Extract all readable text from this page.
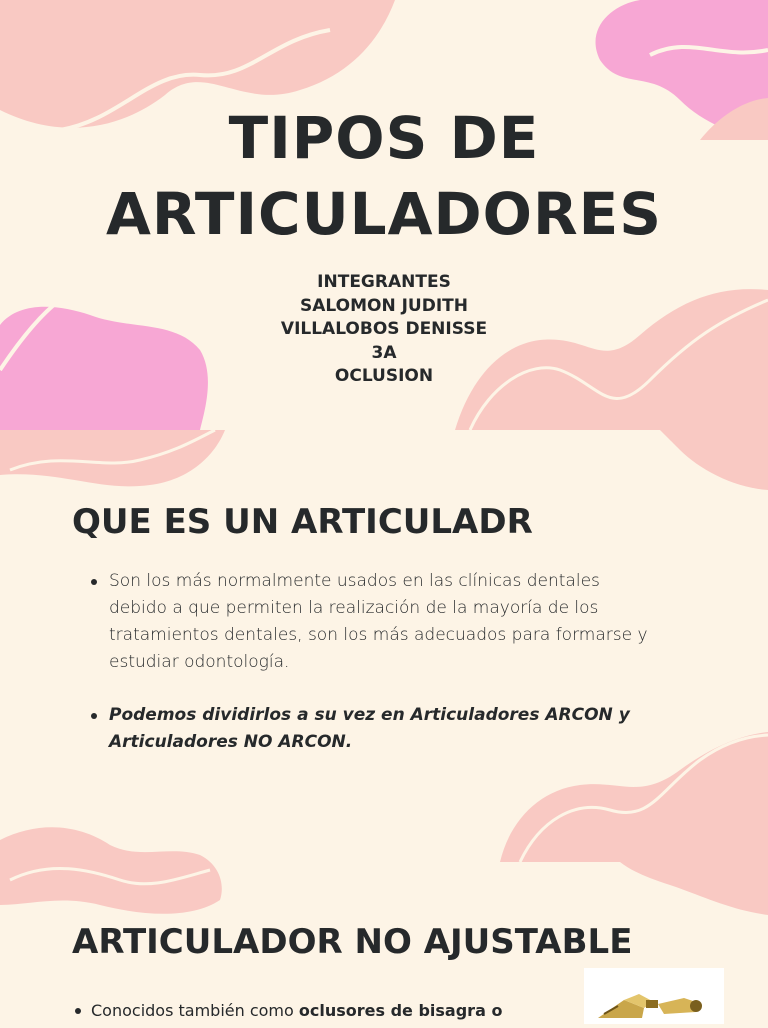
TIPOS DE
ARTICULADORES
INTEGRANTES
SALOMON JUDITH
VILLALOBOS DENISSE
3A
OCLUSION
QUE ES UN ARTICULADR
Son los más normalmente usados en las clínicas dentales debido a que permiten la realización de la mayoría de los tratamientos dentales, son los más adecuados para formarse y estudiar odontología.
Podemos dividirlos a su vez en Articuladores ARCON y Articuladores NO ARCON.
ARTICULADOR NO AJUSTABLE
Conocidos también como oclusores de bisagra o
